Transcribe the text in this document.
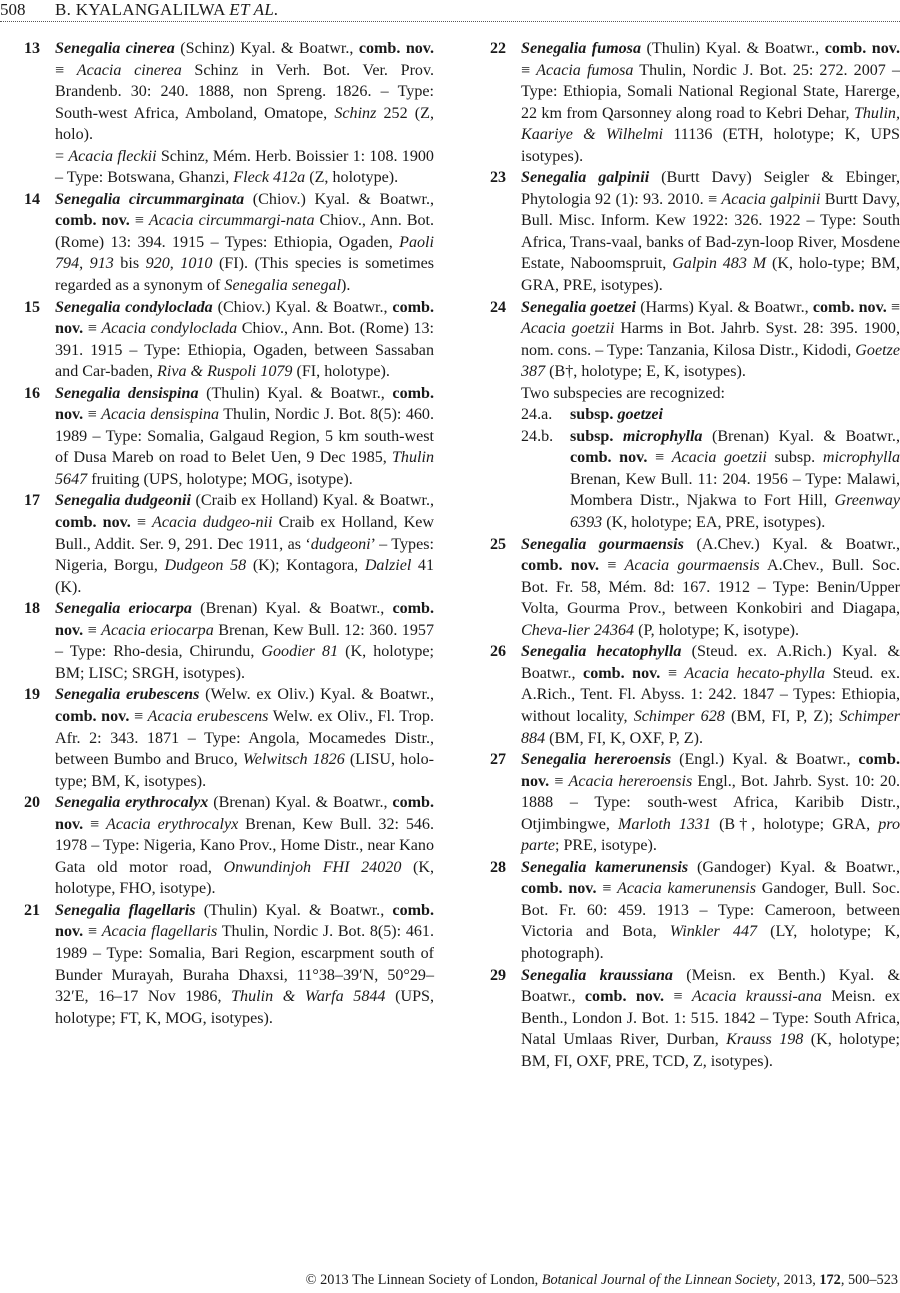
508 B. KYALANGALILWA ET AL.
13 Senegalia cinerea (Schinz) Kyal. & Boatwr., comb. nov. ≡ Acacia cinerea Schinz in Verh. Bot. Ver. Prov. Brandenb. 30: 240. 1888, non Spreng. 1826. – Type: South-west Africa, Amboland, Omatope, Schinz 252 (Z, holo).
= Acacia fleckii Schinz, Mém. Herb. Boissier 1: 108. 1900 – Type: Botswana, Ghanzi, Fleck 412a (Z, holotype).
14 Senegalia circummarginata (Chiov.) Kyal. & Boatwr., comb. nov. ≡ Acacia circummargi-nata Chiov., Ann. Bot. (Rome) 13: 394. 1915 – Types: Ethiopia, Ogaden, Paoli 794, 913 bis 920, 1010 (FI). (This species is sometimes regarded as a synonym of Senegalia senegal).
15 Senegalia condyloclada (Chiov.) Kyal. & Boatwr., comb. nov. ≡ Acacia condyloclada Chiov., Ann. Bot. (Rome) 13: 391. 1915 – Type: Ethiopia, Ogaden, between Sassaban and Car-baden, Riva & Ruspoli 1079 (FI, holotype).
16 Senegalia densispina (Thulin) Kyal. & Boatwr., comb. nov. ≡ Acacia densispina Thulin, Nordic J. Bot. 8(5): 460. 1989 – Type: Somalia, Galgaud Region, 5 km south-west of Dusa Mareb on road to Belet Uen, 9 Dec 1985, Thulin 5647 fruiting (UPS, holotype; MOG, isotype).
17 Senegalia dudgeonii (Craib ex Holland) Kyal. & Boatwr., comb. nov. ≡ Acacia dudgeo-nii Craib ex Holland, Kew Bull., Addit. Ser. 9, 291. Dec 1911, as ‘dudgeoni’ – Types: Nigeria, Borgu, Dudgeon 58 (K); Kontagora, Dalziel 41 (K).
18 Senegalia eriocarpa (Brenan) Kyal. & Boatwr., comb. nov. ≡ Acacia eriocarpa Brenan, Kew Bull. 12: 360. 1957 – Type: Rho-desia, Chirundu, Goodier 81 (K, holotype; BM; LISC; SRGH, isotypes).
19 Senegalia erubescens (Welw. ex Oliv.) Kyal. & Boatwr., comb. nov. ≡ Acacia erubescens Welw. ex Oliv., Fl. Trop. Afr. 2: 343. 1871 – Type: Angola, Mocamedes Distr., between Bumbo and Bruco, Welwitsch 1826 (LISU, holo-type; BM, K, isotypes).
20 Senegalia erythrocalyx (Brenan) Kyal. & Boatwr., comb. nov. ≡ Acacia erythrocalyx Brenan, Kew Bull. 32: 546. 1978 – Type: Nigeria, Kano Prov., Home Distr., near Kano Gata old motor road, Onwundinjoh FHI 24020 (K, holotype, FHO, isotype).
21 Senegalia flagellaris (Thulin) Kyal. & Boatwr., comb. nov. ≡ Acacia flagellaris Thulin, Nordic J. Bot. 8(5): 461. 1989 – Type: Somalia, Bari Region, escarpment south of Bunder Murayah, Buraha Dhaxsi, 11°38–39′N, 50°29–32′E, 16–17 Nov 1986, Thulin & Warfa 5844 (UPS, holotype; FT, K, MOG, isotypes).
22 Senegalia fumosa (Thulin) Kyal. & Boatwr., comb. nov. ≡ Acacia fumosa Thulin, Nordic J. Bot. 25: 272. 2007 – Type: Ethiopia, Somali National Regional State, Harerge, 22 km from Qarsonney along road to Kebri Dehar, Thulin, Kaariye & Wilhelmi 11136 (ETH, holotype; K, UPS isotypes).
23 Senegalia galpinii (Burtt Davy) Seigler & Ebinger, Phytologia 92 (1): 93. 2010. ≡ Acacia galpinii Burtt Davy, Bull. Misc. Inform. Kew 1922: 326. 1922 – Type: South Africa, Trans-vaal, banks of Bad-zyn-loop River, Mosdene Estate, Naboomspruit, Galpin 483 M (K, holo-type; BM, GRA, PRE, isotypes).
24 Senegalia goetzei (Harms) Kyal. & Boatwr., comb. nov. ≡ Acacia goetzii Harms in Bot. Jahrb. Syst. 28: 395. 1900, nom. cons. – Type: Tanzania, Kilosa Distr., Kidodi, Goetze 387 (B†, holotype; E, K, isotypes).
Two subspecies are recognized:
24.a. subsp. goetzei
24.b. subsp. microphylla (Brenan) Kyal. & Boatwr., comb. nov. ≡ Acacia goetzii subsp. microphylla Brenan, Kew Bull. 11: 204. 1956 – Type: Malawi, Mombera Distr., Njakwa to Fort Hill, Greenway 6393 (K, holotype; EA, PRE, isotypes).
25 Senegalia gourmaensis (A.Chev.) Kyal. & Boatwr., comb. nov. ≡ Acacia gourmaensis A.Chev., Bull. Soc. Bot. Fr. 58, Mém. 8d: 167. 1912 – Type: Benin/Upper Volta, Gourma Prov., between Konkobiri and Diagapa, Cheva-lier 24364 (P, holotype; K, isotype).
26 Senegalia hecatophylla (Steud. ex. A.Rich.) Kyal. & Boatwr., comb. nov. ≡ Acacia hecato-phylla Steud. ex. A.Rich., Tent. Fl. Abyss. 1: 242. 1847 – Types: Ethiopia, without locality, Schimper 628 (BM, FI, P, Z); Schimper 884 (BM, FI, K, OXF, P, Z).
27 Senegalia hereroensis (Engl.) Kyal. & Boatwr., comb. nov. ≡ Acacia hereroensis Engl., Bot. Jahrb. Syst. 10: 20. 1888 – Type: south-west Africa, Karibib Distr., Otjimbingwe, Marloth 1331 (B†, holotype; GRA, pro parte; PRE, isotype).
28 Senegalia kamerunensis (Gandoger) Kyal. & Boatwr., comb. nov. ≡ Acacia kamerunensis Gandoger, Bull. Soc. Bot. Fr. 60: 459. 1913 – Type: Cameroon, between Victoria and Bota, Winkler 447 (LY, holotype; K, photograph).
29 Senegalia kraussiana (Meisn. ex Benth.) Kyal. & Boatwr., comb. nov. ≡ Acacia kraussi-ana Meisn. ex Benth., London J. Bot. 1: 515. 1842 – Type: South Africa, Natal Umlaas River, Durban, Krauss 198 (K, holotype; BM, FI, OXF, PRE, TCD, Z, isotypes).
© 2013 The Linnean Society of London, Botanical Journal of the Linnean Society, 2013, 172, 500–523
